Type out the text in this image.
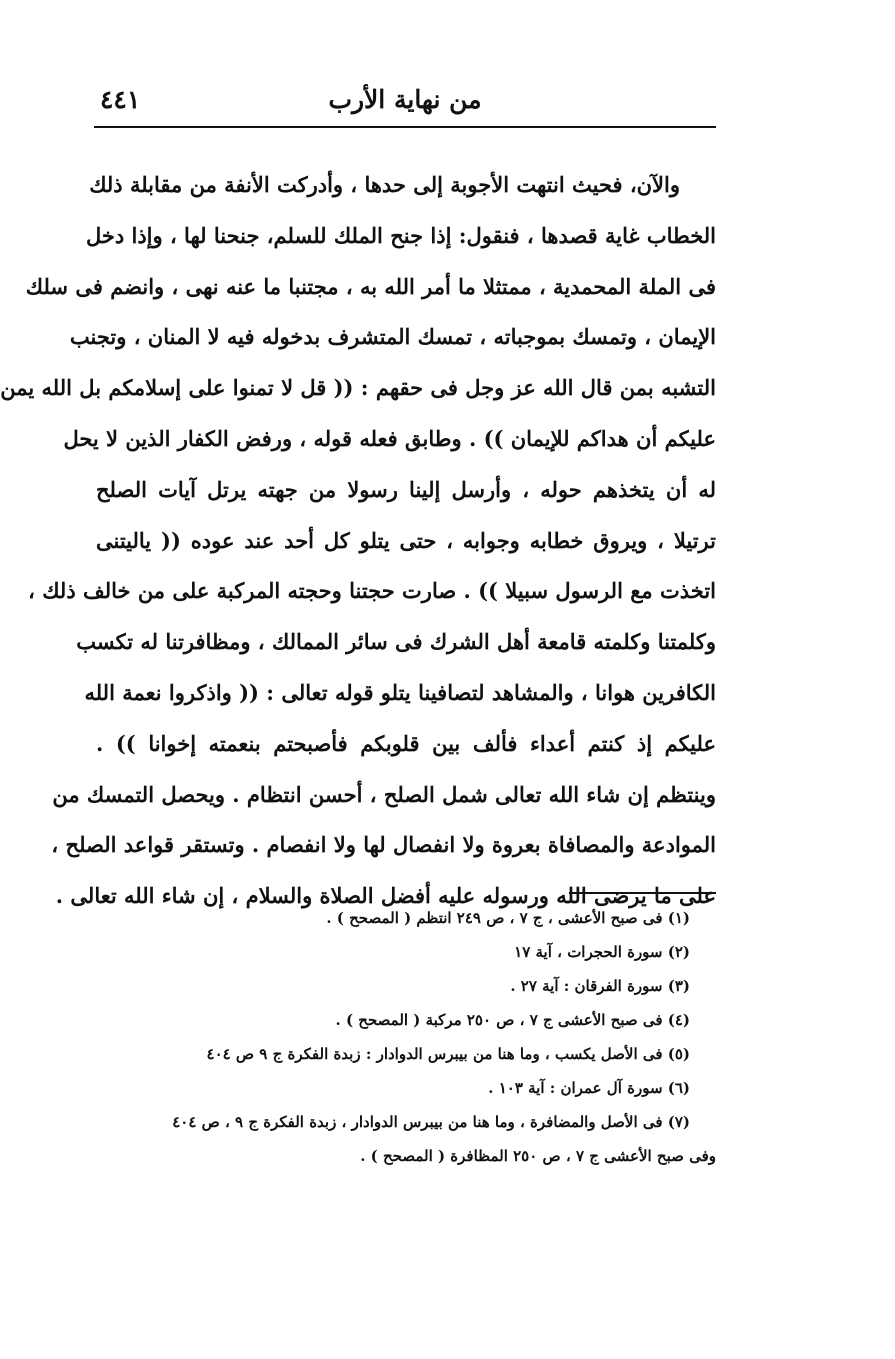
من نهاية الأرب
٤٤١
والآن، فحيث انتهت الأجوبة إلى حدها ، وأدركت الأنفة من مقابلة ذلك
الخطاب غاية قصدها ، فنقول: إذا جنح الملك للسلم، جنحنا لها ، وإذا دخل
فى الملة المحمدية ، ممتثلا ما أمر الله به ، مجتنبا ما عنه نهى ، وانضم فى سلك
الإيمان ، وتمسك بموجباته ، تمسك المتشرف بدخوله فيه لا المنان ، وتجنب
التشبه بمن قال الله عز وجل فى حقهم : (( قل لا تمنوا على إسلامكم بل الله يمن
عليكم أن هداكم للإيمان )) . وطابق فعله قوله ، ورفض الكفار الذين لا يحل
له أن يتخذهم حوله ، وأرسل إلينا رسولا من جهته يرتل آيات الصلح
ترتيلا ، ويروق خطابه وجوابه ، حتى يتلو كل أحد عند عوده (( ياليتنى
اتخذت مع الرسول سبيلا )) . صارت حجتنا وحجته المركبة على من خالف ذلك ،
وكلمتنا وكلمته قامعة أهل الشرك فى سائر الممالك ، ومظافرتنا له تكسب
الكافرين هوانا ، والمشاهد لتصافينا يتلو قوله تعالى : (( واذكروا نعمة الله
عليكم إذ كنتم أعداء فألف بين قلوبكم فأصبحتم بنعمته إخوانا )) .
وينتظم إن شاء الله تعالى شمل الصلح ، أحسن انتظام . ويحصل التمسك من
الموادعة والمصافاة بعروة ولا انفصال لها ولا انفصام . وتستقر قواعد الصلح ،
على ما يرضى الله ورسوله عليه أفضل الصلاة والسلام ، إن شاء الله تعالى .
(١) فى صبح الأعشى ، ج ٧ ، ص ٢٤٩ انتظم ( المصحح ) .
(٢) سورة الحجرات ، آية ١٧
(٣) سورة الفرقان : آية ٢٧ .
(٤) فى صبح الأعشى ج ٧ ، ص ٢٥٠ مركبة ( المصحح ) .
(٥) فى الأصل يكسب ، وما هنا من بيبرس الدوادار : زبدة الفكرة ج ٩ ص ٤٠٤
(٦) سورة آل عمران : آية ١٠٣ .
(٧) فى الأصل والمضافرة ، وما هنا من بيبرس الدوادار ، زبدة الفكرة ج ٩ ، ص ٤٠٤
وفى صبح الأعشى ج ٧ ، ص ٢٥٠ المظافرة ( المصحح ) .
